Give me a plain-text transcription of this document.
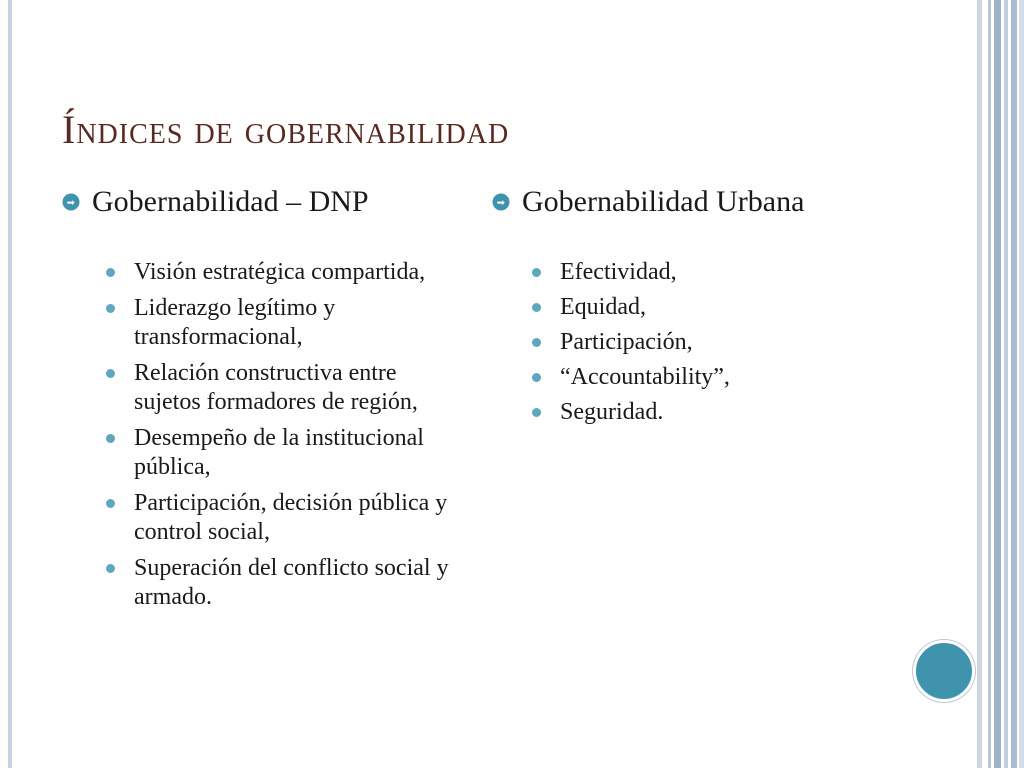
Índices de gobernabilidad
Gobernabilidad – DNP
Visión estratégica compartida,
Liderazgo legítimo y transformacional,
Relación constructiva entre sujetos formadores de región,
Desempeño de la institucional pública,
Participación, decisión pública y control social,
Superación del conflicto social y armado.
Gobernabilidad Urbana
Efectividad,
Equidad,
Participación,
“Accountability”,
Seguridad.
